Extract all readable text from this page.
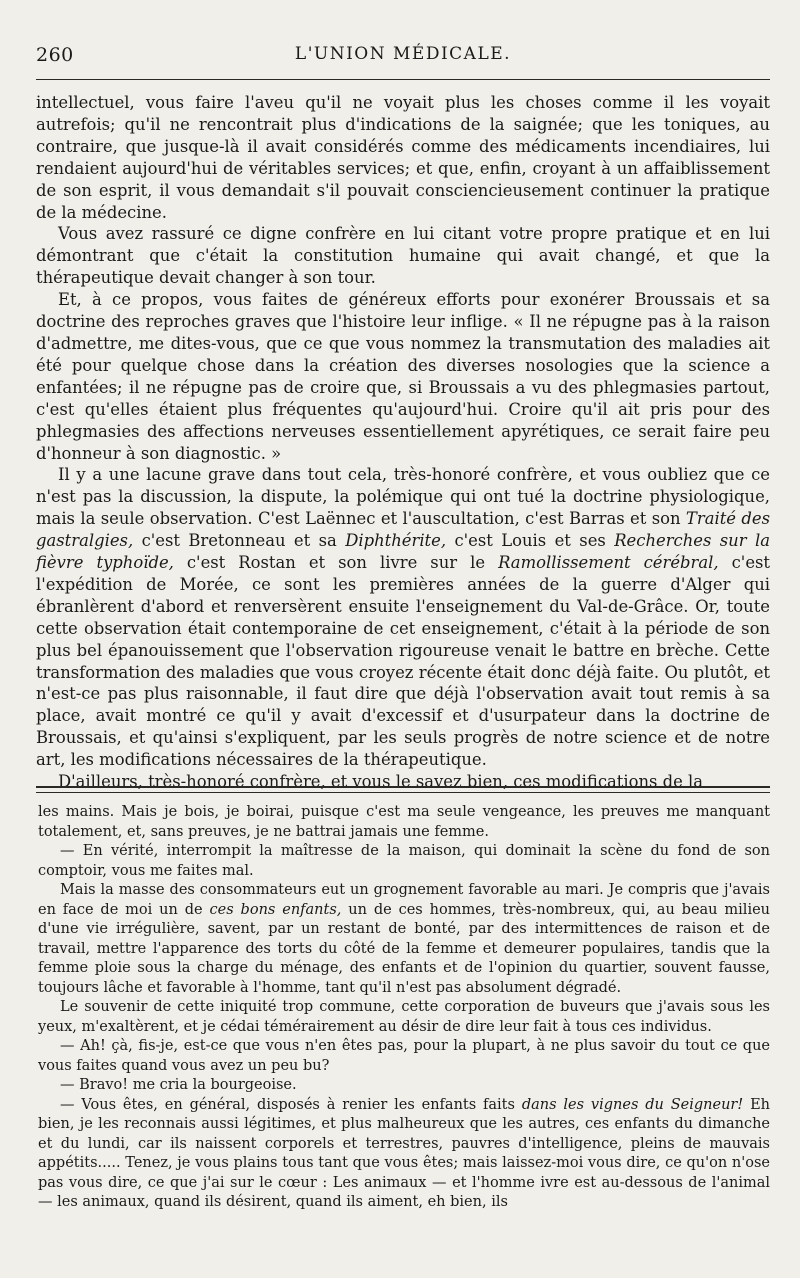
260	L'UNION MÉDICALE.

intellectuel, vous faire l'aveu qu'il ne voyait plus les choses comme il les voyait autrefois; qu'il ne rencontrait plus d'indications de la saignée; que les toniques, au contraire, que jusque-là il avait considérés comme des médicaments incendiaires, lui rendaient aujourd'hui de véritables services; et que, enfin, croyant à un affaiblissement de son esprit, il vous demandait s'il pouvait consciencieusement continuer la pratique de la médecine.

Vous avez rassuré ce digne confrère en lui citant votre propre pratique et en lui démontrant que c'était la constitution humaine qui avait changé, et que la thérapeutique devait changer à son tour.

Et, à ce propos, vous faites de généreux efforts pour exonérer Broussais et sa doctrine des reproches graves que l'histoire leur inflige. « Il ne répugne pas à la raison d'admettre, me dites-vous, que ce que vous nommez la transmutation des maladies ait été pour quelque chose dans la création des diverses nosologies que la science a enfantées; il ne répugne pas de croire que, si Broussais a vu des phlegmasies partout, c'est qu'elles étaient plus fréquentes qu'aujourd'hui. Croire qu'il ait pris pour des phlegmasies des affections nerveuses essentiellement apyrétiques, ce serait faire peu d'honneur à son diagnostic. »

Il y a une lacune grave dans tout cela, très-honoré confrère, et vous oubliez que ce n'est pas la discussion, la dispute, la polémique qui ont tué la doctrine physiologique, mais la seule observation. C'est Laënnec et l'auscultation, c'est Barras et son Traité des gastralgies, c'est Bretonneau et sa Diphthérite, c'est Louis et ses Recherches sur la fièvre typhoïde, c'est Rostan et son livre sur le Ramollissement cérébral, c'est l'expédition de Morée, ce sont les premières années de la guerre d'Alger qui ébranlèrent d'abord et renversèrent ensuite l'enseignement du Val-de-Grâce. Or, toute cette observation était contemporaine de cet enseignement, c'était à la période de son plus bel épanouissement que l'observation rigoureuse venait le battre en brèche. Cette transformation des maladies que vous croyez récente était donc déjà faite. Ou plutôt, et n'est-ce pas plus raisonnable, il faut dire que déjà l'observation avait tout remis à sa place, avait montré ce qu'il y avait d'excessif et d'usurpateur dans la doctrine de Broussais, et qu'ainsi s'expliquent, par les seuls progrès de notre science et de notre art, les modifications nécessaires de la thérapeutique.

D'ailleurs, très-honoré confrère, et vous le savez bien, ces modifications de la

les mains. Mais je bois, je boirai, puisque c'est ma seule vengeance, les preuves me manquant totalement, et, sans preuves, je ne battrai jamais une femme.

— En vérité, interrompit la maîtresse de la maison, qui dominait la scène du fond de son comptoir, vous me faites mal.

Mais la masse des consommateurs eut un grognement favorable au mari. Je compris que j'avais en face de moi un de ces bons enfants, un de ces hommes, très-nombreux, qui, au beau milieu d'une vie irrégulière, savent, par un restant de bonté, par des intermittences de raison et de travail, mettre l'apparence des torts du côté de la femme et demeurer populaires, tandis que la femme ploie sous la charge du ménage, des enfants et de l'opinion du quartier, souvent fausse, toujours lâche et favorable à l'homme, tant qu'il n'est pas absolument dégradé.

Le souvenir de cette iniquité trop commune, cette corporation de buveurs que j'avais sous les yeux, m'exaltèrent, et je cédai témérairement au désir de dire leur fait à tous ces individus.

— Ah! çà, fis-je, est-ce que vous n'en êtes pas, pour la plupart, à ne plus savoir du tout ce que vous faites quand vous avez un peu bu?

— Bravo! me cria la bourgeoise.

— Vous êtes, en général, disposés à renier les enfants faits dans les vignes du Seigneur! Eh bien, je les reconnais aussi légitimes, et plus malheureux que les autres, ces enfants du dimanche et du lundi, car ils naissent corporels et terrestres, pauvres d'intelligence, pleins de mauvais appétits..... Tenez, je vous plains tous tant que vous êtes; mais laissez-moi vous dire, ce qu'on n'ose pas vous dire, ce que j'ai sur le cœur : Les animaux — et l'homme ivre est au-dessous de l'animal — les animaux, quand ils désirent, quand ils aiment, eh bien, ils
